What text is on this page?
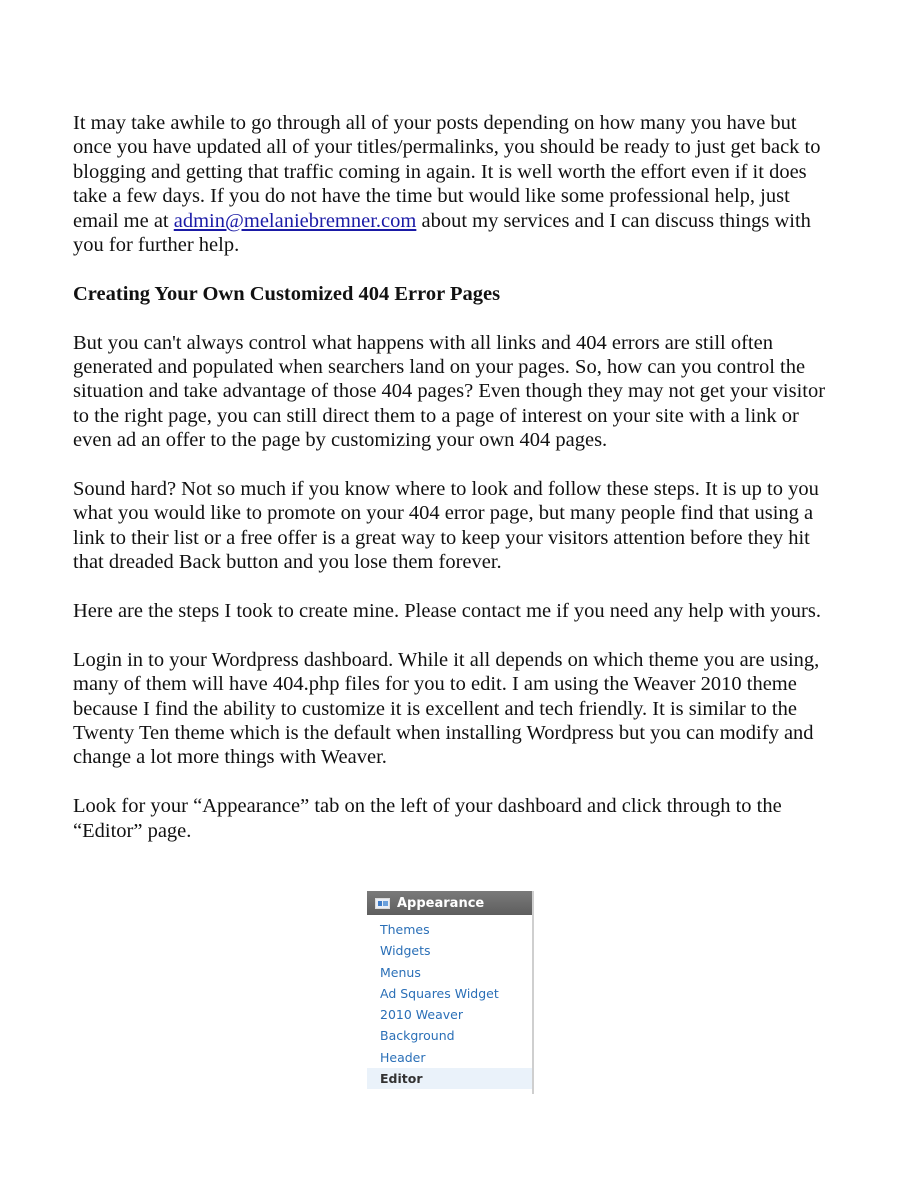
It may take awhile to go through all of your posts depending on how many you have but once you have updated all of your titles/permalinks, you should be ready to just get back to blogging and getting that traffic coming in again. It is well worth the effort even if it does take a few days. If you do not have the time but would like some professional help, just email me at admin@melaniebremner.com about my services and I can discuss things with you for further help.

Creating Your Own Customized 404 Error Pages

But you can't always control what happens with all links and 404 errors are still often generated and populated when searchers land on your pages. So, how can you control the situation and take advantage of those 404 pages? Even though they may not get your visitor to the right page, you can still direct them to a page of interest on your site with a link or even ad an offer to the page by customizing your own 404 pages.

Sound hard? Not so much if you know where to look and follow these steps. It is up to you what you would like to promote on your 404 error page, but many people find that using a link to their list or a free offer is a great way to keep your visitors attention before they hit that dreaded Back button and you lose them forever.

Here are the steps I took to create mine. Please contact me if you need any help with yours.

Login in to your Wordpress dashboard. While it all depends on which theme you are using, many of them will have 404.php files for you to edit. I am using the Weaver 2010 theme because I find the ability to customize it is excellent and tech friendly. It is similar to the Twenty Ten theme which is the default when installing Wordpress but you can modify and change a lot more things with Weaver.

Look for your “Appearance” tab on the left of your dashboard and click through to the “Editor” page.

Appearance
Themes
Widgets
Menus
Ad Squares Widget
2010 Weaver
Background
Header
Editor
